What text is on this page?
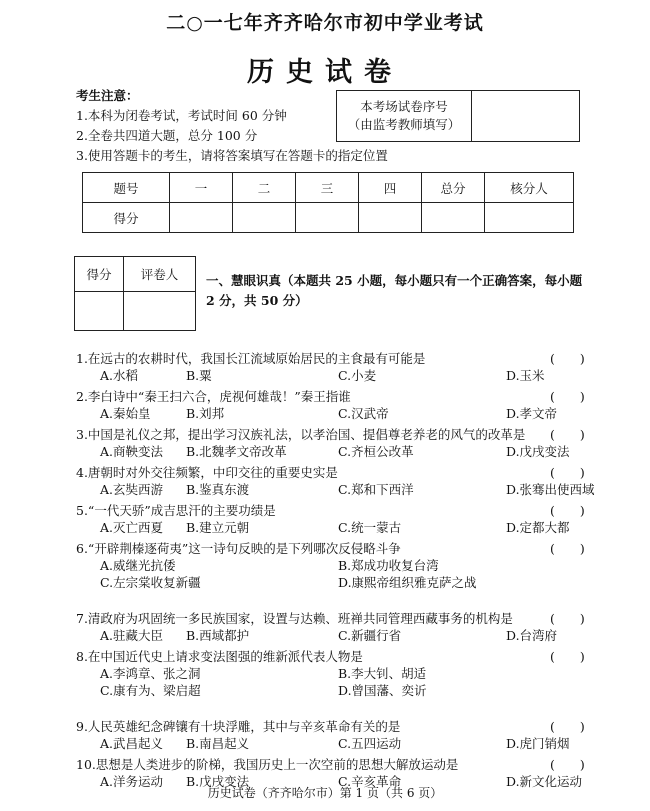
二○一七年齐齐哈尔市初中学业考试
历史试卷
考生注意：
1.本科为闭卷考试，考试时间 60 分钟
2.全卷共四道大题，总分 100 分
3.使用答题卡的考生，请将答案填写在答题卡的指定位置
本考场试卷序号
（由监考教师填写）

题号	一	二	三	四	总分	核分人
得分						
得分	评卷人
	一、慧眼识真（本题共 25 小题，每小题只有一个正确答案，每小题 2 分，共 50 分）
1.在远古的农耕时代，我国长江流域原始居民的主食最有可能是	(　　)
A.水稻	B.粟	C.小麦	D.玉米
2.李白诗中“秦王扫六合，虎视何雄哉！”秦王指谁	(　　)
A.秦始皇	B.刘邦	C.汉武帝	D.孝文帝
3.中国是礼仪之邦，提出学习汉族礼法，以孝治国、提倡尊老养老的风气的改革是	(　　)
A.商鞅变法 B.北魏孝文帝改革	C.齐桓公改革	D.戊戌变法
4.唐朝时对外交往频繁，中印交往的重要史实是	(　　)
A.玄奘西游 B.鉴真东渡	C.郑和下西洋	D.张骞出使西域
5.“一代天骄”成吉思汗的主要功绩是	(　　)
A.灭亡西夏 B.建立元朝	C.统一蒙古	D.定都大都
6.“开辟荆榛逐荷夷”这一诗句反映的是下列哪次反侵略斗争	(　　)
A.威继光抗倭	B.郑成功收复台湾
C.左宗棠收复新疆	D.康熙帝组织雅克萨之战
7.清政府为巩固统一多民族国家，设置与达赖、班禅共同管理西藏事务的机构是	(　　)
A.驻藏大臣 B.西域都护	C.新疆行省	D.台湾府
8.在中国近代史上请求变法图强的维新派代表人物是	(　　)
A.李鸿章、张之洞	B.李大钊、胡适
C.康有为、梁启超	D.曾国藩、奕䜣
9.人民英雄纪念碑镶有十块浮雕，其中与辛亥革命有关的是	(　　)
A.武昌起义 B.南昌起义	C.五四运动	D.虎门销烟
10.思想是人类进步的阶梯，我国历史上一次空前的思想大解放运动是	(　　)
A.洋务运动 B.戊戌变法	C.辛亥革命	D.新文化运动
历史试卷（齐齐哈尔市）第 1 页（共 6 页）
